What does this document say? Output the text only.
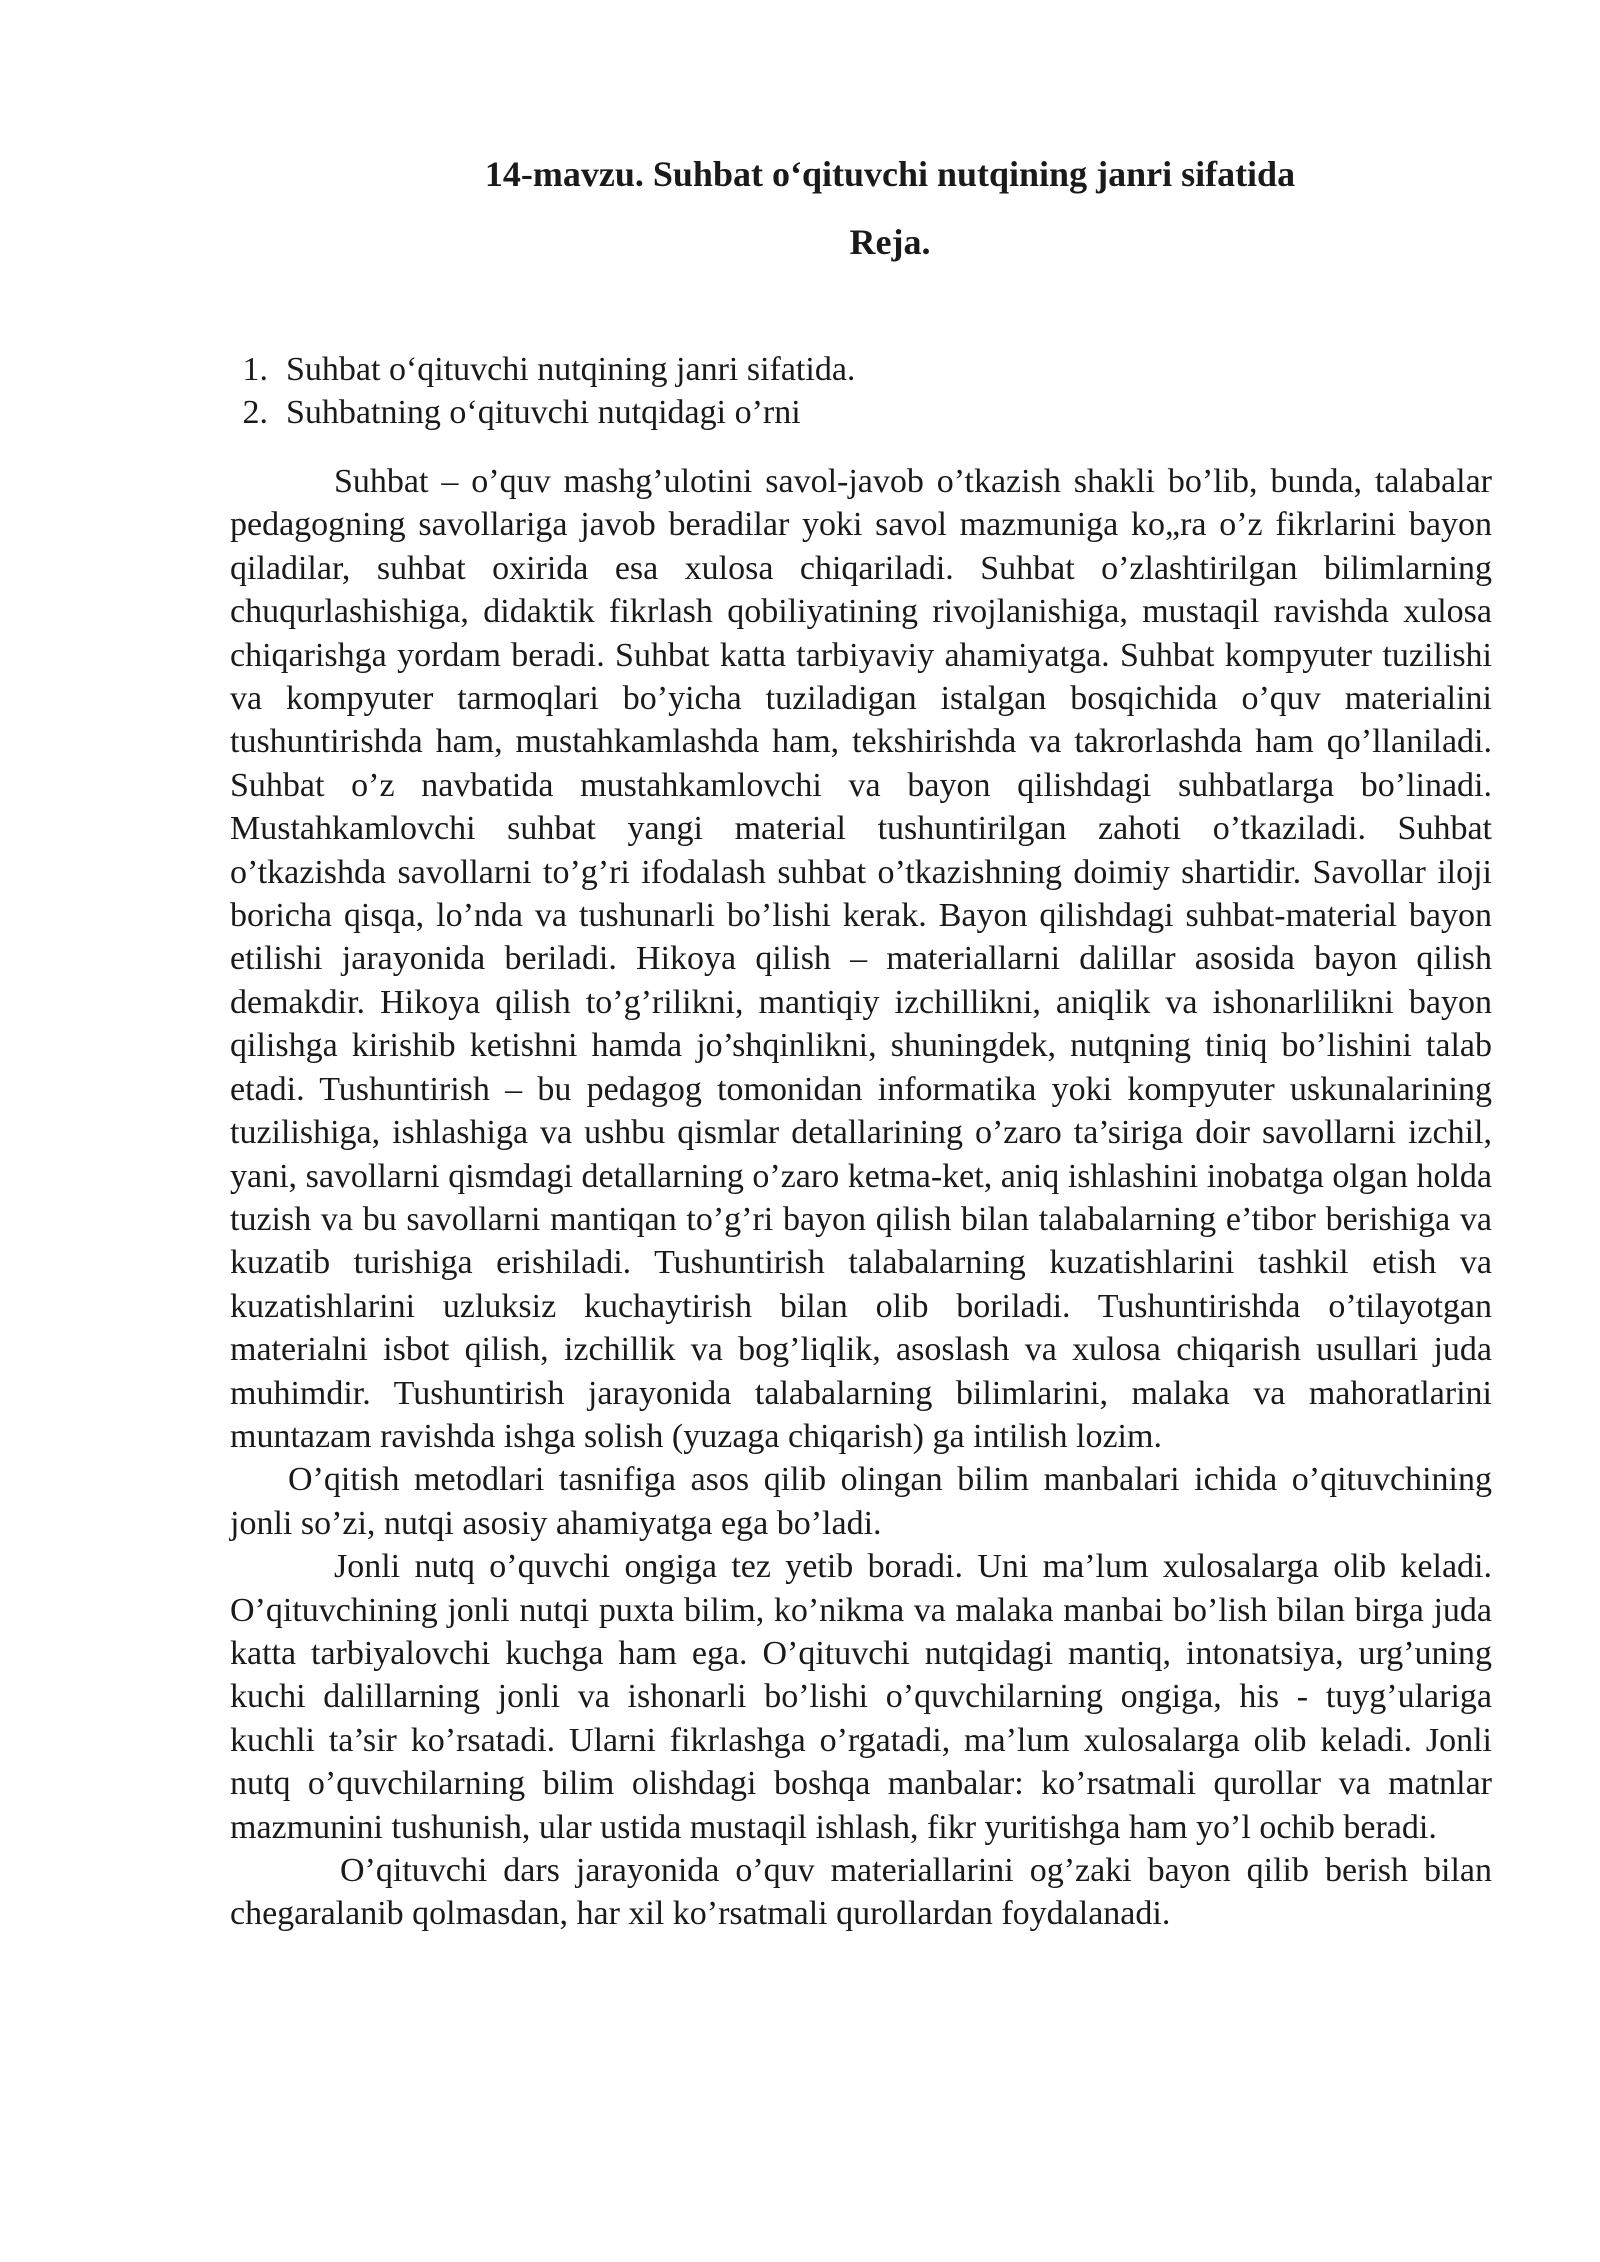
14-mavzu. Suhbat o‘qituvchi nutqining janri sifatida
Reja.
1. Suhbat o‘qituvchi nutqining janri sifatida.
2. Suhbatning o‘qituvchi nutqidagi o’rni

Suhbat – o’quv mashg’ulotini savol-javob o’tkazish shakli bo’lib, bunda, talabalar pedagogning savollariga javob beradilar yoki savol mazmuniga ko„ra o’z fikrlarini bayon qiladilar, suhbat oxirida esa xulosa chiqariladi. Suhbat o’zlashtirilgan bilimlarning chuqurlashishiga, didaktik fikrlash qobiliyatining rivojlanishiga, mustaqil ravishda xulosa chiqarishga yordam beradi. Suhbat katta tarbiyaviy ahamiyatga. Suhbat kompyuter tuzilishi va kompyuter tarmoqlari bo’yicha tuziladigan istalgan bosqichida o’quv materialini tushuntirishda ham, mustahkamlashda ham, tekshirishda va takrorlashda ham qo’llaniladi. Suhbat o’z navbatida mustahkamlovchi va bayon qilishdagi suhbatlarga bo’linadi. Mustahkamlovchi suhbat yangi material tushuntirilgan zahoti o’tkaziladi. Suhbat o’tkazishda savollarni to’g’ri ifodalash suhbat o’tkazishning doimiy shartidir. Savollar iloji boricha qisqa, lo’nda va tushunarli bo’lishi kerak. Bayon qilishdagi suhbat-material bayon etilishi jarayonida beriladi. Hikoya qilish – materiallarni dalillar asosida bayon qilish demakdir. Hikoya qilish to’g’rilikni, mantiqiy izchillikni, aniqlik va ishonarlilikni bayon qilishga kirishib ketishni hamda jo’shqinlikni, shuningdek, nutqning tiniq bo’lishini talab etadi. Tushuntirish – bu pedagog tomonidan informatika yoki kompyuter uskunalarining tuzilishiga, ishlashiga va ushbu qismlar detallarining o’zaro ta’siriga doir savollarni izchil, yani, savollarni qismdagi detallarning o’zaro ketma-ket, aniq ishlashini inobatga olgan holda tuzish va bu savollarni mantiqan to’g’ri bayon qilish bilan talabalarning e’tibor berishiga va kuzatib turishiga erishiladi. Tushuntirish talabalarning kuzatishlarini tashkil etish va kuzatishlarini uzluksiz kuchaytirish bilan olib boriladi. Tushuntirishda o’tilayotgan materialni isbot qilish, izchillik va bog’liqlik, asoslash va xulosa chiqarish usullari juda muhimdir. Tushuntirish jarayonida talabalarning bilimlarini, malaka va mahoratlarini muntazam ravishda ishga solish (yuzaga chiqarish) ga intilish lozim.

O’qitish metodlari tasnifiga asos qilib olingan bilim manbalari ichida o’qituvchining jonli so’zi, nutqi asosiy ahamiyatga ega bo’ladi.

Jonli nutq o’quvchi ongiga tez yetib boradi. Uni ma’lum xulosalarga olib keladi. O’qituvchining jonli nutqi puxta bilim, ko’nikma va malaka manbai bo’lish bilan birga juda katta tarbiyalovchi kuchga ham ega. O’qituvchi nutqidagi mantiq, intonatsiya, urg’uning kuchi dalillarning jonli va ishonarli bo’lishi o’quvchilarning ongiga, his - tuyg’ulariga kuchli ta’sir ko’rsatadi. Ularni fikrlashga o’rgatadi, ma’lum xulosalarga olib keladi. Jonli nutq o’quvchilarning bilim olishdagi boshqa manbalar: ko’rsatmali qurollar va matnlar mazmunini tushunish, ular ustida mustaqil ishlash, fikr yuritishga ham yo’l ochib beradi.

O’qituvchi dars jarayonida o’quv materiallarini og’zaki bayon qilib berish bilan chegaralanib qolmasdan, har xil ko’rsatmali qurollardan foydalanadi.
